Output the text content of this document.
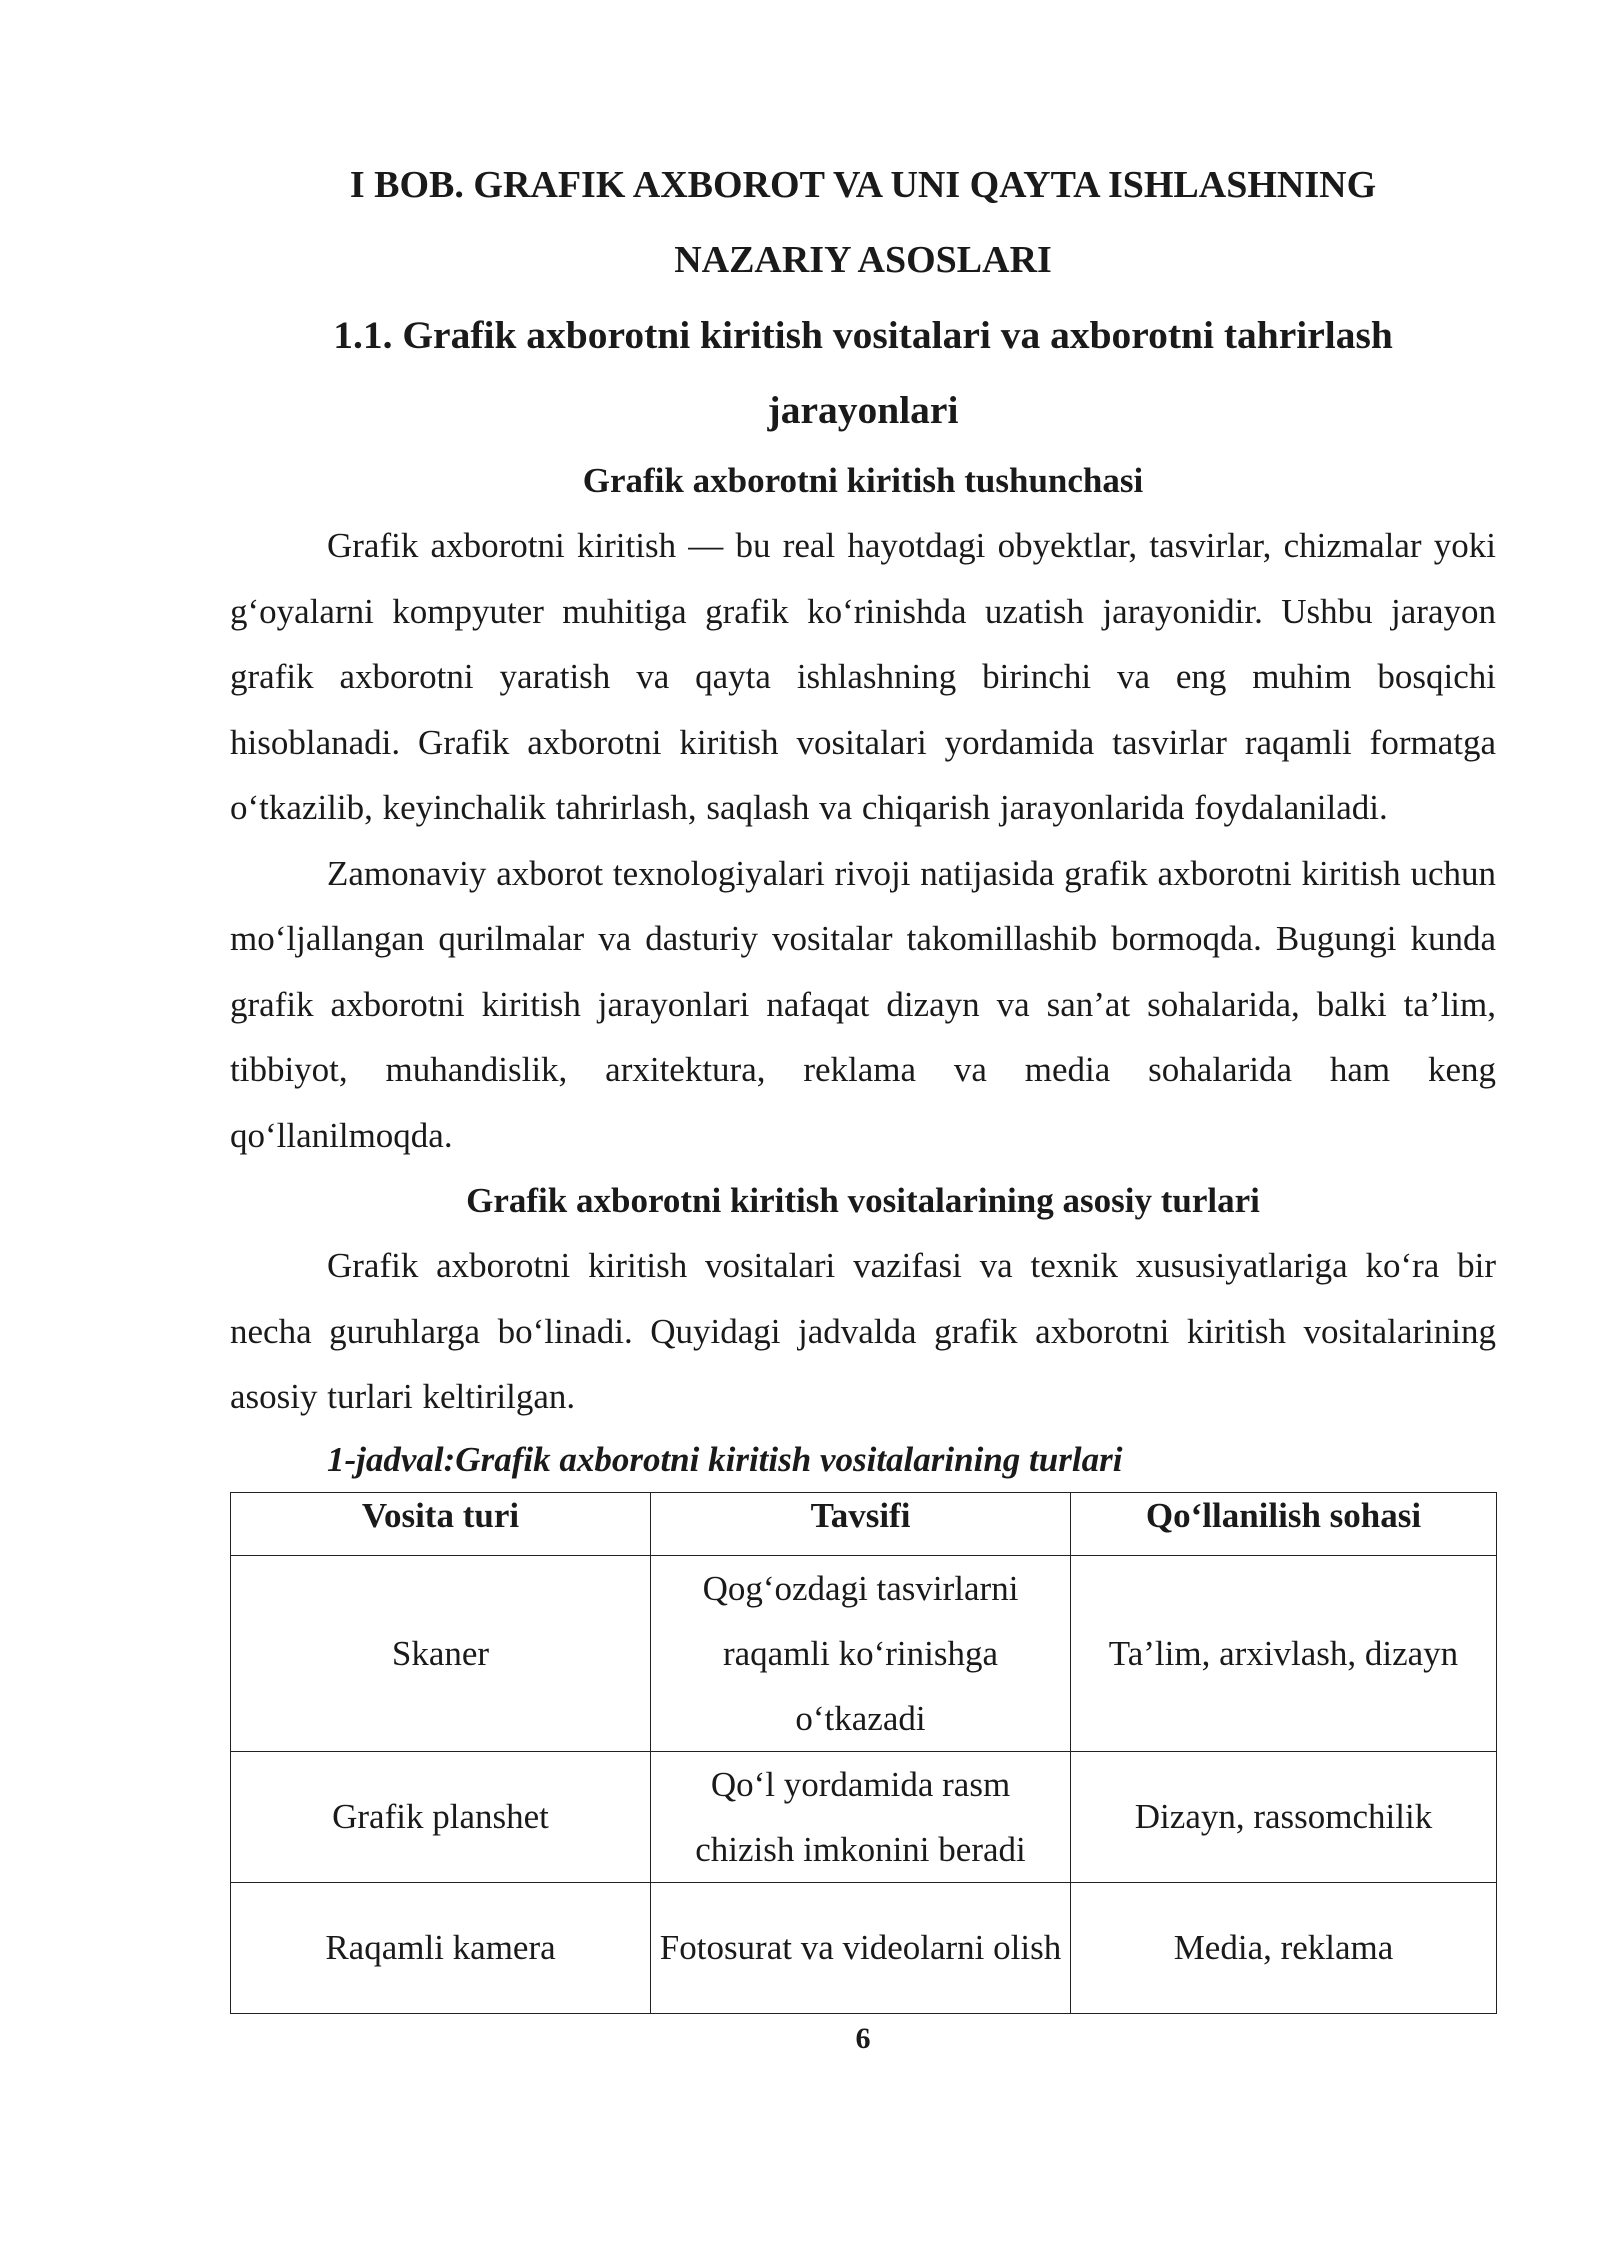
I BOB. GRAFIK AXBOROT VA UNI QAYTA ISHLASHNING

NAZARIY ASOSLARI

1.1. Grafik axborotni kiritish vositalari va axborotni tahrirlash

jarayonlari

Grafik axborotni kiritish tushunchasi

Grafik axborotni kiritish — bu real hayotdagi obyektlar, tasvirlar, chizmalar yoki g‘oyalarni kompyuter muhitiga grafik ko‘rinishda uzatish jarayonidir. Ushbu jarayon grafik axborotni yaratish va qayta ishlashning birinchi va eng muhim bosqichi hisoblanadi. Grafik axborotni kiritish vositalari yordamida tasvirlar raqamli formatga o‘tkazilib, keyinchalik tahrirlash, saqlash va chiqarish jarayonlarida foydalaniladi.

Zamonaviy axborot texnologiyalari rivoji natijasida grafik axborotni kiritish uchun mo‘ljallangan qurilmalar va dasturiy vositalar takomillashib bormoqda. Bugungi kunda grafik axborotni kiritish jarayonlari nafaqat dizayn va san’at sohalarida, balki ta’lim, tibbiyot, muhandislik, arxitektura, reklama va media sohalarida ham keng qo‘llanilmoqda.

Grafik axborotni kiritish vositalarining asosiy turlari

Grafik axborotni kiritish vositalari vazifasi va texnik xususiyatlariga ko‘ra bir necha guruhlarga bo‘linadi. Quyidagi jadvalda grafik axborotni kiritish vositalarining asosiy turlari keltirilgan.

1-jadval:Grafik axborotni kiritish vositalarining turlari

Vosita turi	Tavsifi	Qo‘llanilish sohasi
Skaner	Qog‘ozdagi tasvirlarni raqamli ko‘rinishga o‘tkazadi	Ta’lim, arxivlash, dizayn
Grafik planshet	Qo‘l yordamida rasm chizish imkonini beradi	Dizayn, rassomchilik
Raqamli kamera	Fotosurat va videolarni olish	Media, reklama

6
